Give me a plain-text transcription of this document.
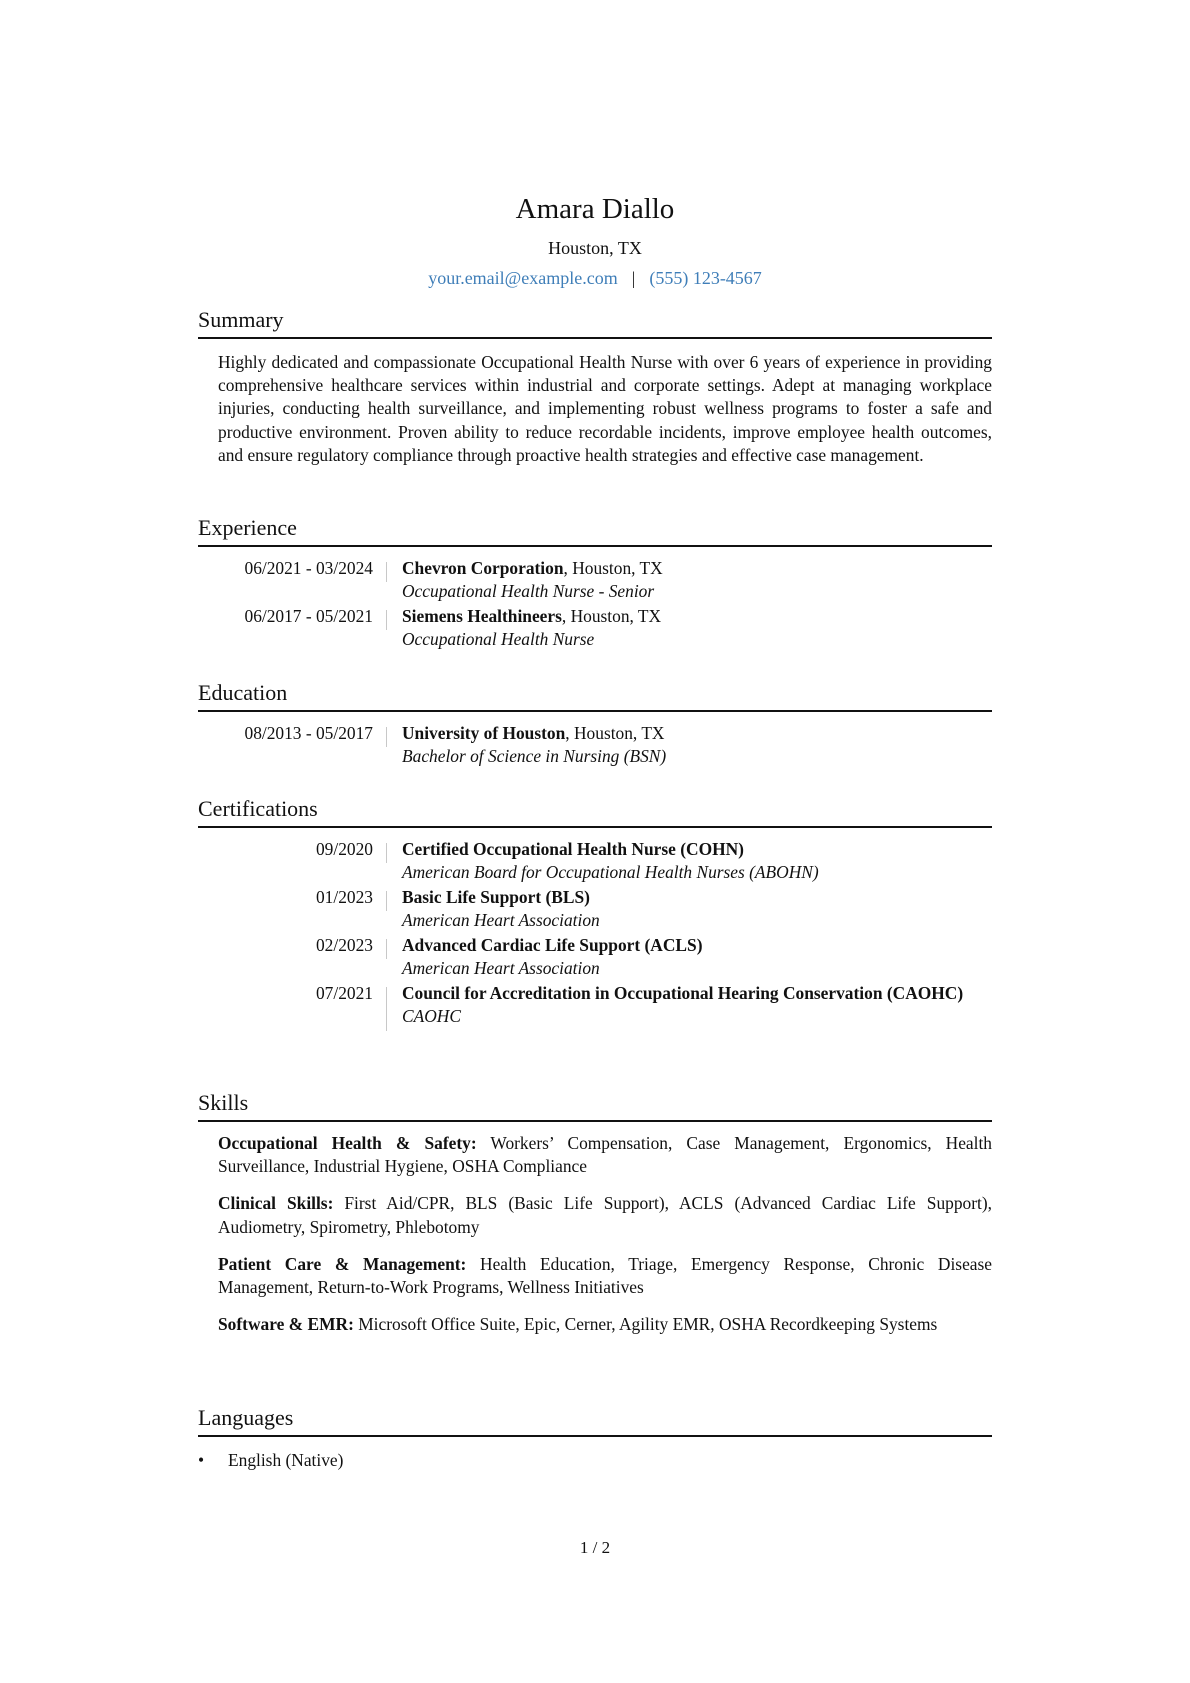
Amara Diallo
Houston, TX
your.email@example.com | (555) 123-4567
Summary

Highly dedicated and compassionate Occupational Health Nurse with over 6 years of experience in providing comprehensive healthcare services within industrial and corporate settings. Adept at managing workplace injuries, conducting health surveillance, and implementing robust wellness programs to foster a safe and productive environment. Proven ability to reduce recordable incidents, improve employee health outcomes, and ensure regulatory compliance through proactive health strategies and effective case management.

Experience
06/2021 - 03/2024	Chevron Corporation, Houston, TX
Occupational Health Nurse - Senior
06/2017 - 05/2021	Siemens Healthineers, Houston, TX
Occupational Health Nurse
Education
08/2013 - 05/2017	University of Houston, Houston, TX
Bachelor of Science in Nursing (BSN)
Certifications
09/2020	Certified Occupational Health Nurse (COHN)
American Board for Occupational Health Nurses (ABOHN)
01/2023	Basic Life Support (BLS)
American Heart Association
02/2023	Advanced Cardiac Life Support (ACLS)
American Heart Association
07/2021	Council for Accreditation in Occupational Hearing Conservation (CAOHC)
CAOHC
Skills
Occupational Health & Safety: Workers’ Compensation, Case Management, Ergonomics, Health Surveillance, Industrial Hygiene, OSHA Compliance
Clinical Skills: First Aid/CPR, BLS (Basic Life Support), ACLS (Advanced Cardiac Life Support), Audiometry, Spirometry, Phlebotomy
Patient Care & Management: Health Education, Triage, Emergency Response, Chronic Disease Management, Return-to-Work Programs, Wellness Initiatives
Software & EMR: Microsoft Office Suite, Epic, Cerner, Agility EMR, OSHA Recordkeeping Systems
Languages
• English (Native)
1 / 2
